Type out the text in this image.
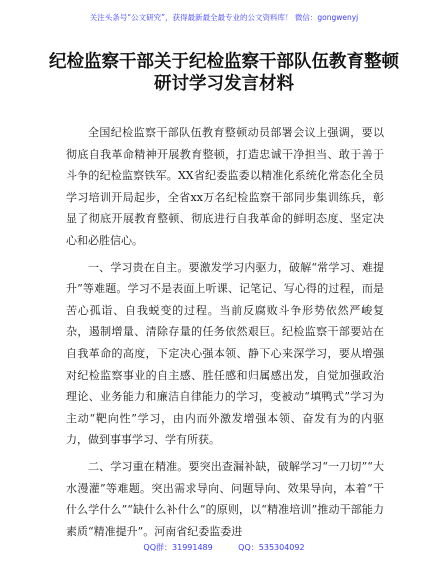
关注头条号“公文研究”，获得最新最全最专业的公文资料库！ 微信：gongwenyj
纪检监察干部关于纪检监察干部队伍教育整顿
研讨学习发言材料

全国纪检监察干部队伍教育整顿动员部署会议上强调，要以彻底自我革命精神开展教育整顿，打造忠诚干净担当、敢于善于斗争的纪检监察铁军。XX省纪委监委以精准化系统化常态化全员学习培训开局起步，全省xx万名纪检监察干部同步集训练兵，彰显了彻底开展教育整顿、彻底进行自我革命的鲜明态度、坚定决心和必胜信心。

一、学习贵在自主。要激发学习内驱力，破解“常学习、难提升”等难题。学习不是表面上听课、记笔记、写心得的过程，而是苦心孤诣、自我蜕变的过程。当前反腐败斗争形势依然严峻复杂，遏制增量、清除存量的任务依然艰巨。纪检监察干部要站在自我革命的高度，下定决心强本领、静下心来深学习，要从增强对纪检监察事业的自主感、胜任感和归属感出发，自觉加强政治理论、业务能力和廉洁自律能力的学习，变被动“填鸭式”学习为主动“靶向性”学习，由内而外激发增强本领、奋发有为的内驱力，做到事事学习、学有所获。

二、学习重在精准。要突出查漏补缺，破解学习“一刀切”“大水漫灌”等难题。突出需求导向、问题导向、效果导向，本着“干什么学什么”“缺什么补什么”的原则，以“精准培训”推动干部能力素质“精准提升”。河南省纪委监委进

QQ群：31991489	QQ：535304092
